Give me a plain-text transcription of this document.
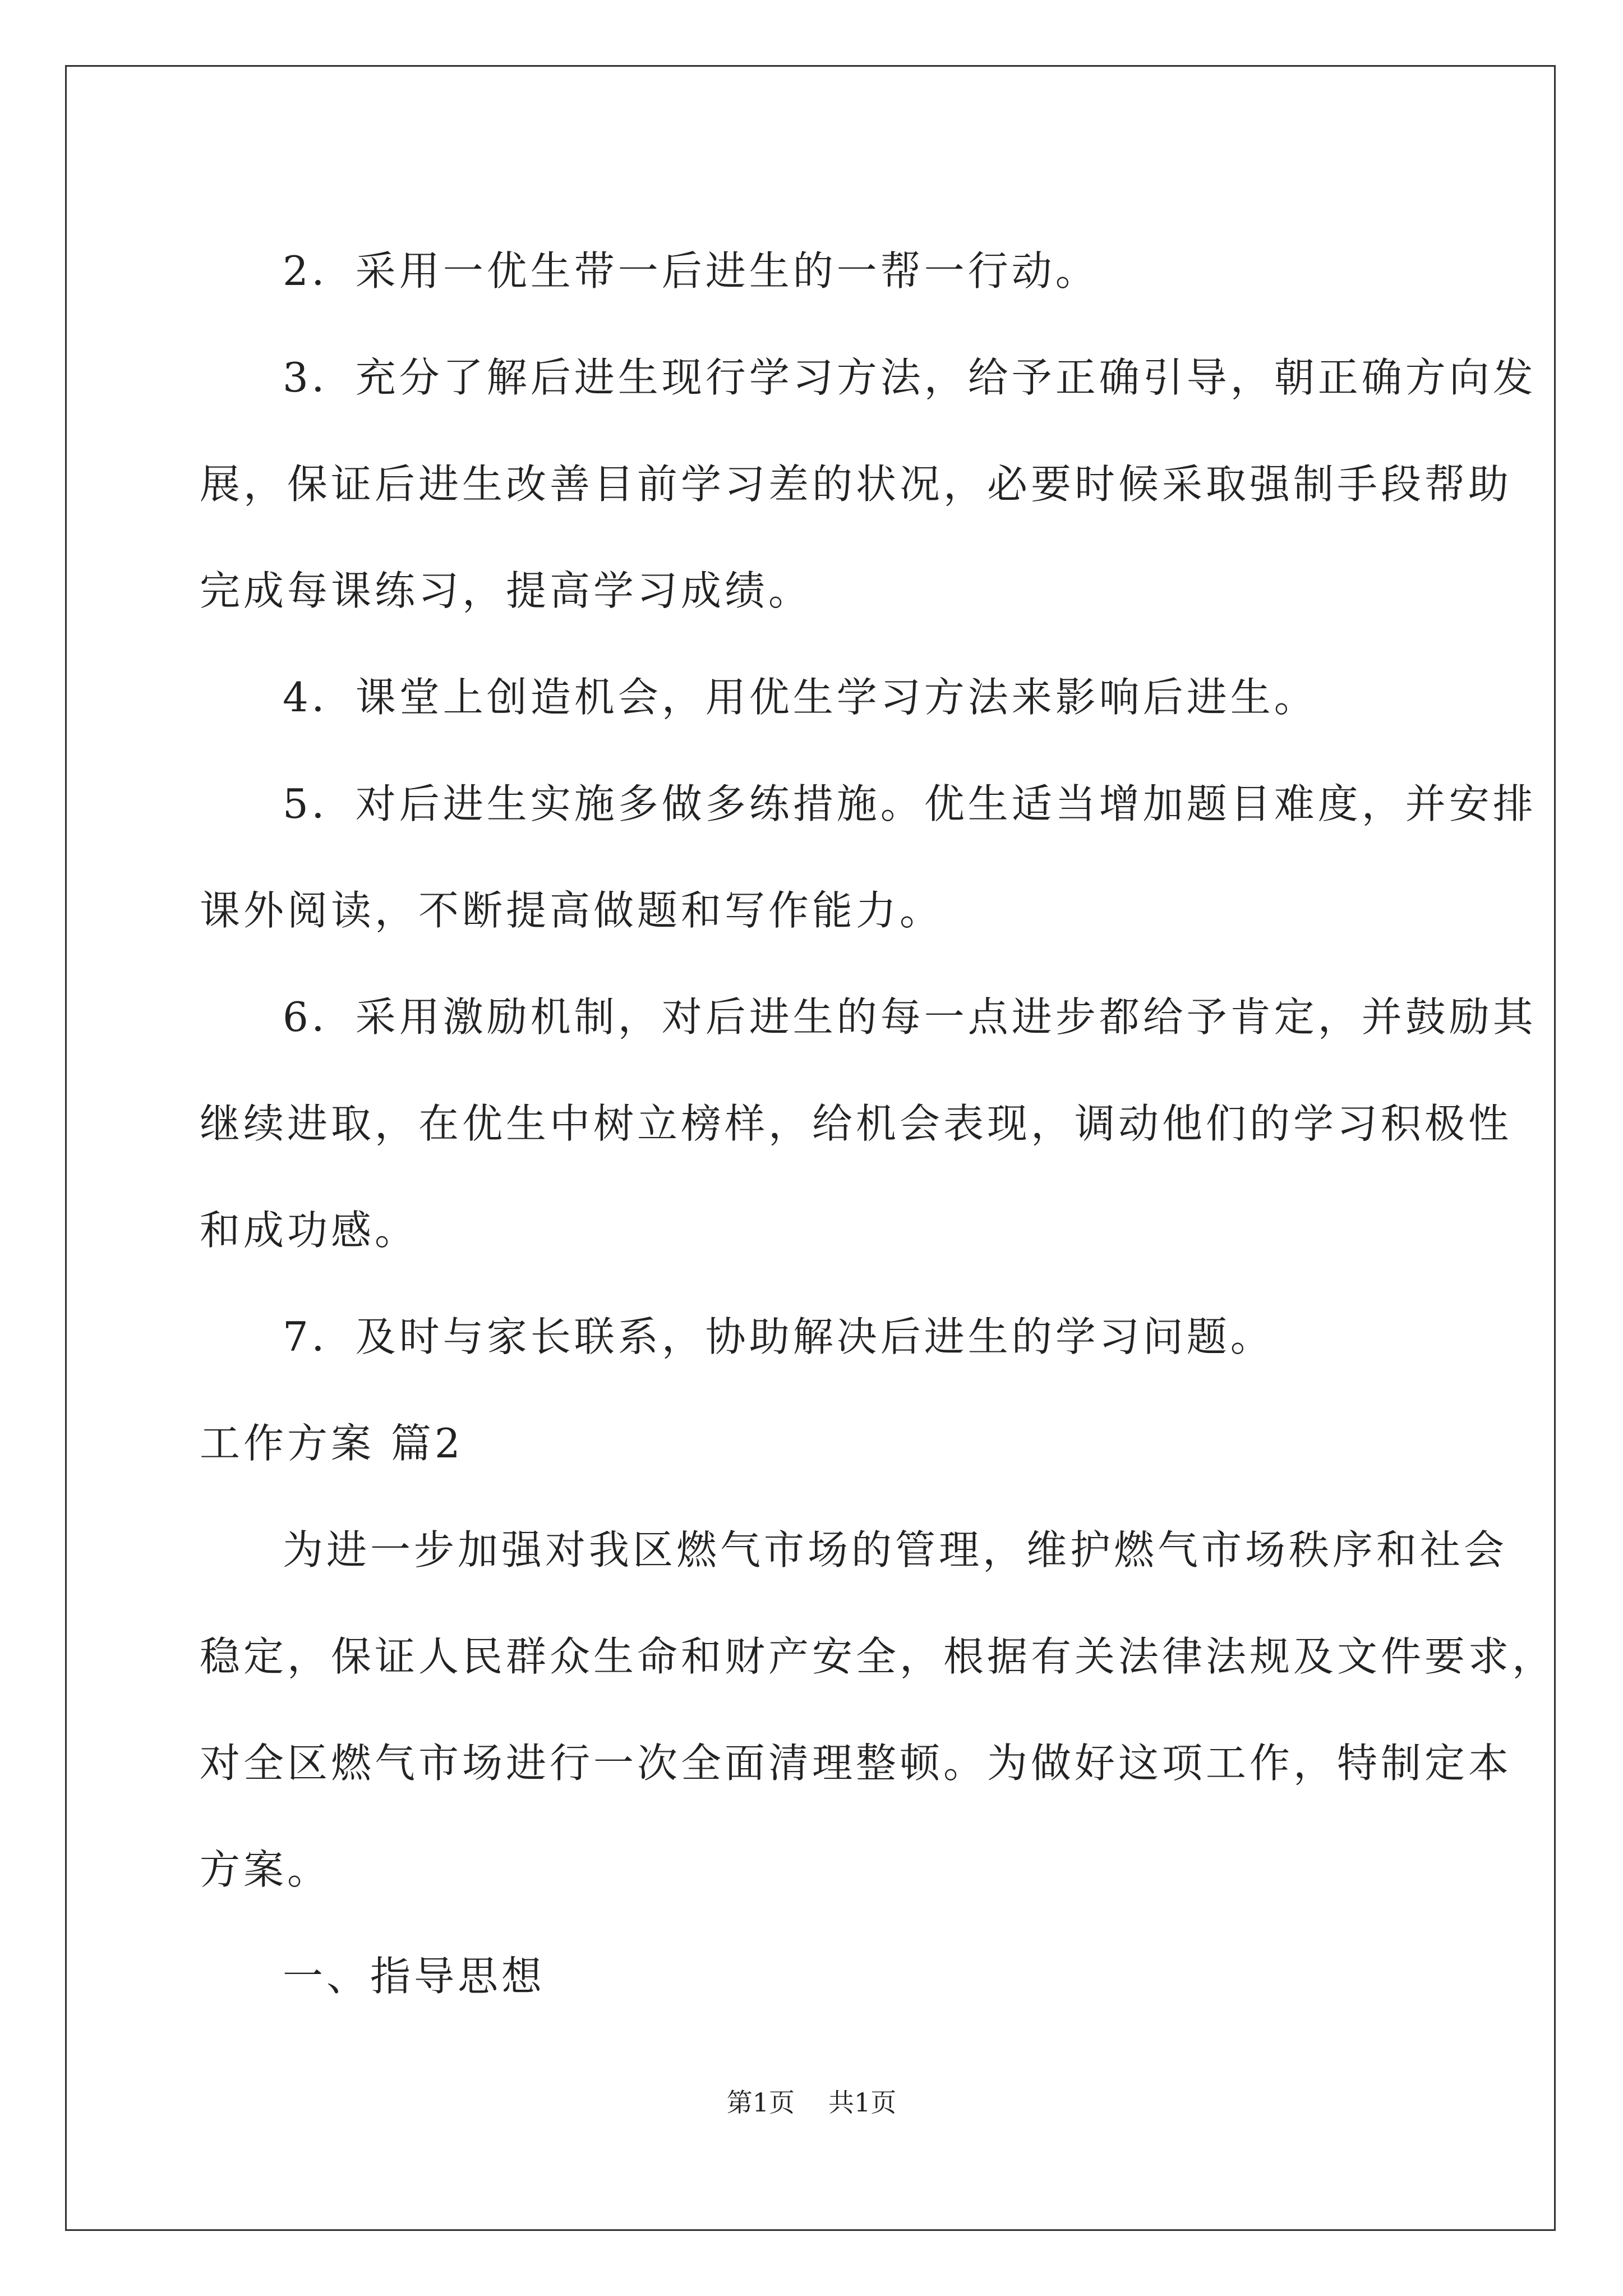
2．采用一优生带一后进生的一帮一行动。
3．充分了解后进生现行学习方法，给予正确引导，朝正确方向发
展，保证后进生改善目前学习差的状况，必要时候采取强制手段帮助
完成每课练习，提高学习成绩。
4．课堂上创造机会，用优生学习方法来影响后进生。
5．对后进生实施多做多练措施。优生适当增加题目难度，并安排
课外阅读，不断提高做题和写作能力。
6．采用激励机制，对后进生的每一点进步都给予肯定，并鼓励其
继续进取，在优生中树立榜样，给机会表现，调动他们的学习积极性
和成功感。
7．及时与家长联系，协助解决后进生的学习问题。
工作方案 篇2
为进一步加强对我区燃气市场的管理，维护燃气市场秩序和社会
稳定，保证人民群众生命和财产安全，根据有关法律法规及文件要求，
对全区燃气市场进行一次全面清理整顿。为做好这项工作，特制定本
方案。
一、指导思想
第1页 共1页
